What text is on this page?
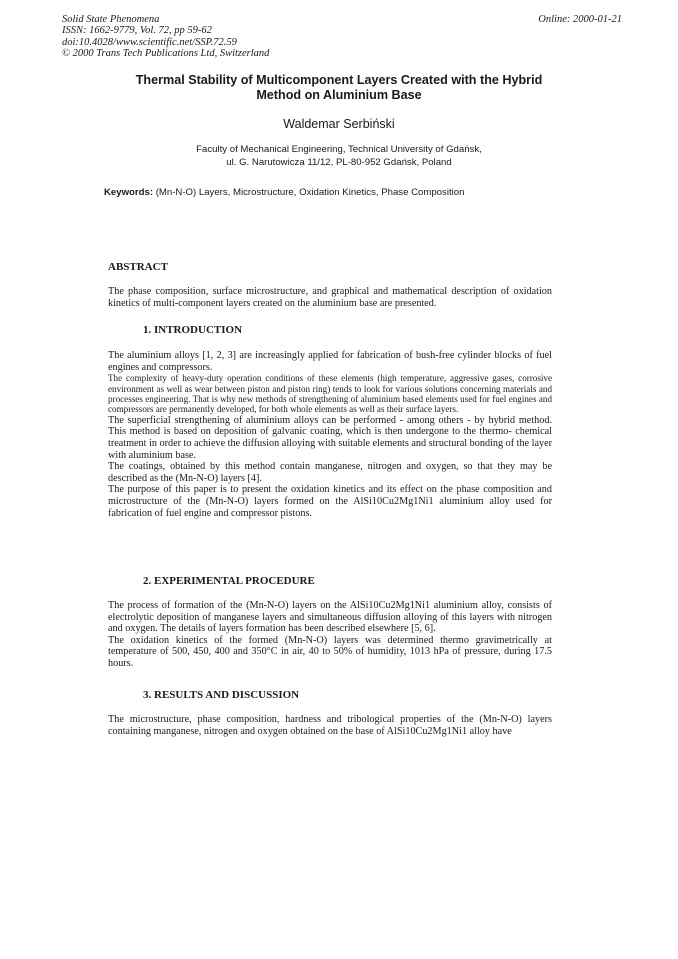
Solid State Phenomena
ISSN: 1662-9779, Vol. 72, pp 59-62
doi:10.4028/www.scientific.net/SSP.72.59
© 2000 Trans Tech Publications Ltd, Switzerland
Online: 2000-01-21
Thermal Stability of Multicomponent Layers Created with the Hybrid
Method on Aluminium Base
Waldemar Serbiński
Faculty of Mechanical Engineering, Technical University of Gdańsk,
ul. G. Narutowicza 11/12, PL-80-952 Gdańsk, Poland
Keywords: (Mn-N-O) Layers, Microstructure, Oxidation Kinetics, Phase Composition
ABSTRACT

The phase composition, surface microstructure, and graphical and mathematical description of oxidation kinetics of multi-component layers created on the aluminium base are presented.

1. INTRODUCTION

The aluminium alloys [1, 2, 3] are increasingly applied for fabrication of bush-free cylinder blocks of fuel engines and compressors.

The complexity of heavy-duty operation conditions of these elements (high temperature, aggressive gases, corrosive environment as well as wear between piston and piston ring) tends to look for various solutions concerning materials and processes engineering. That is why new methods of strengthening of aluminium based elements used for fuel engines and compressors are permanently developed, for both whole elements as well as their surface layers.

The superficial strengthening of aluminium alloys can be performed - among others - by hybrid method. This method is based on deposition of galvanic coating, which is then undergone to the thermo- chemical treatment in order to achieve the diffusion alloying with suitable elements and structural bonding of the layer with aluminium base.

The coatings, obtained by this method contain manganese, nitrogen and oxygen, so that they may be described as the (Mn-N-O) layers [4].

The purpose of this paper is to present the oxidation kinetics and its effect on the phase composition and microstructure of the (Mn-N-O) layers formed on the AlSi10Cu2Mg1Ni1 aluminium alloy used for fabrication of fuel engine and compressor pistons.

2. EXPERIMENTAL PROCEDURE

The process of formation of the (Mn-N-O) layers on the AlSi10Cu2Mg1Ni1 aluminium alloy, consists of electrolytic deposition of manganese layers and simultaneous diffusion alloying of this layers with nitrogen and oxygen. The details of layers formation has been described elsewhere [5, 6].

The oxidation kinetics of the formed (Mn-N-O) layers was determined thermo gravimetrically at temperature of 500, 450, 400 and 350°C in air, 40 to 50% of humidity, 1013 hPa of pressure, during 17.5 hours.

3. RESULTS AND DISCUSSION

The microstructure, phase composition, hardness and tribological properties of the (Mn-N-O) layers containing manganese, nitrogen and oxygen obtained on the base of AlSi10Cu2Mg1Ni1 alloy have
